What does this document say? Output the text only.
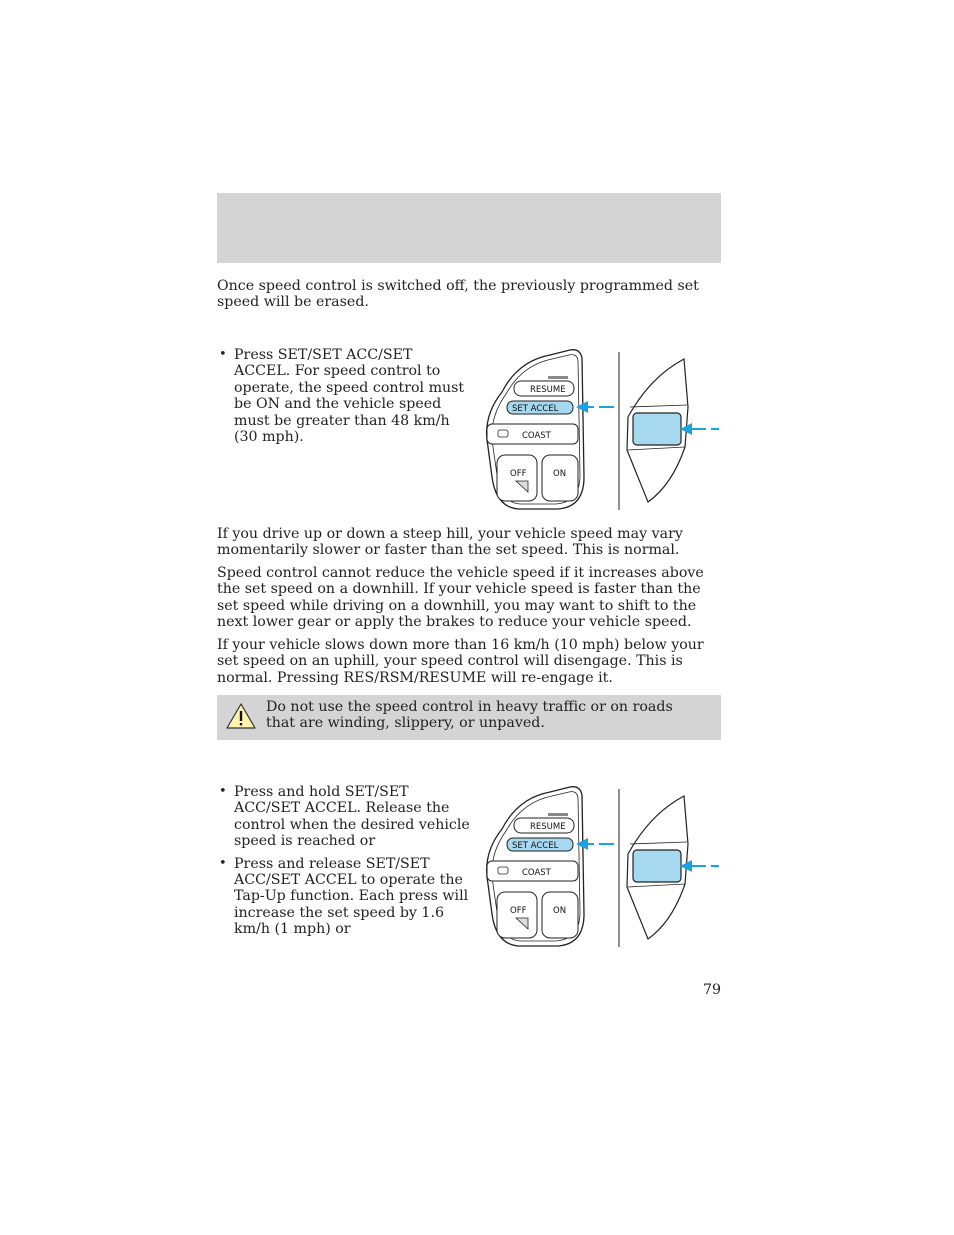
Once speed control is switched off, the previously programmed set speed will be erased.

• Press SET/SET ACC/SET ACCEL. For speed control to operate, the speed control must be ON and the vehicle speed must be greater than 48 km/h (30 mph).
RESUME
SET ACCEL
COAST
OFF	ON

If you drive up or down a steep hill, your vehicle speed may vary momentarily slower or faster than the set speed. This is normal.

Speed control cannot reduce the vehicle speed if it increases above the set speed on a downhill. If your vehicle speed is faster than the set speed while driving on a downhill, you may want to shift to the next lower gear or apply the brakes to reduce your vehicle speed.

If your vehicle slows down more than 16 km/h (10 mph) below your set speed on an uphill, your speed control will disengage. This is normal. Pressing RES/RSM/RESUME will re-engage it.

Do not use the speed control in heavy traffic or on roads that are winding, slippery, or unpaved.

• Press and hold SET/SET ACC/SET ACCEL. Release the control when the desired vehicle speed is reached or
• Press and release SET/SET ACC/SET ACCEL to operate the Tap-Up function. Each press will increase the set speed by 1.6 km/h (1 mph) or
RESUME
SET ACCEL
COAST
OFF	ON
79
